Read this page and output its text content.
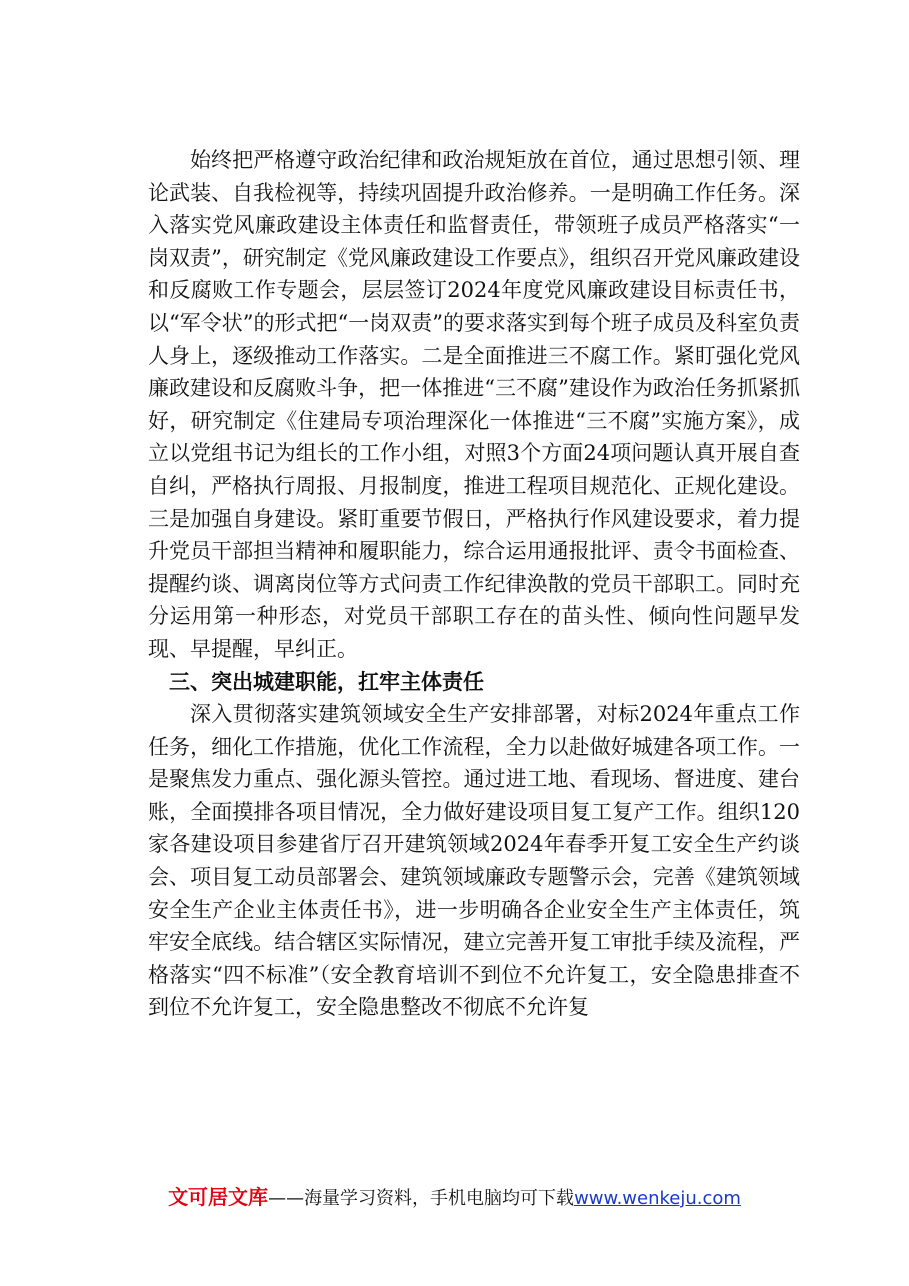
始终把严格遵守政治纪律和政治规矩放在首位，通过思想引领、理论武装、自我检视等，持续巩固提升政治修养。一是明确工作任务。深入落实党风廉政建设主体责任和监督责任，带领班子成员严格落实“一岗双责”，研究制定《党风廉政建设工作要点》，组织召开党风廉政建设和反腐败工作专题会，层层签订2024年度党风廉政建设目标责任书，以“军令状”的形式把“一岗双责”的要求落实到每个班子成员及科室负责人身上，逐级推动工作落实。二是全面推进三不腐工作。紧盯强化党风廉政建设和反腐败斗争，把一体推进“三不腐”建设作为政治任务抓紧抓好，研究制定《住建局专项治理深化一体推进“三不腐”实施方案》，成立以党组书记为组长的工作小组，对照3个方面24项问题认真开展自查自纠，严格执行周报、月报制度，推进工程项目规范化、正规化建设。三是加强自身建设。紧盯重要节假日，严格执行作风建设要求，着力提升党员干部担当精神和履职能力，综合运用通报批评、责令书面检查、提醒约谈、调离岗位等方式问责工作纪律涣散的党员干部职工。同时充分运用第一种形态，对党员干部职工存在的苗头性、倾向性问题早发现、早提醒，早纠正。

三、突出城建职能，扛牢主体责任

深入贯彻落实建筑领域安全生产安排部署，对标2024年重点工作任务，细化工作措施，优化工作流程，全力以赴做好城建各项工作。一是聚焦发力重点、强化源头管控。通过进工地、看现场、督进度、建台账，全面摸排各项目情况，全力做好建设项目复工复产工作。组织120家各建设项目参建省厅召开建筑领域2024年春季开复工安全生产约谈会、项目复工动员部署会、建筑领域廉政专题警示会，完善《建筑领域安全生产企业主体责任书》，进一步明确各企业安全生产主体责任，筑牢安全底线。结合辖区实际情况，建立完善开复工审批手续及流程，严格落实“四不标准”（安全教育培训不到位不允许复工，安全隐患排查不到位不允许复工，安全隐患整改不彻底不允许复

文可居文库——海量学习资料，手机电脑均可下载www.wenkeju.com
